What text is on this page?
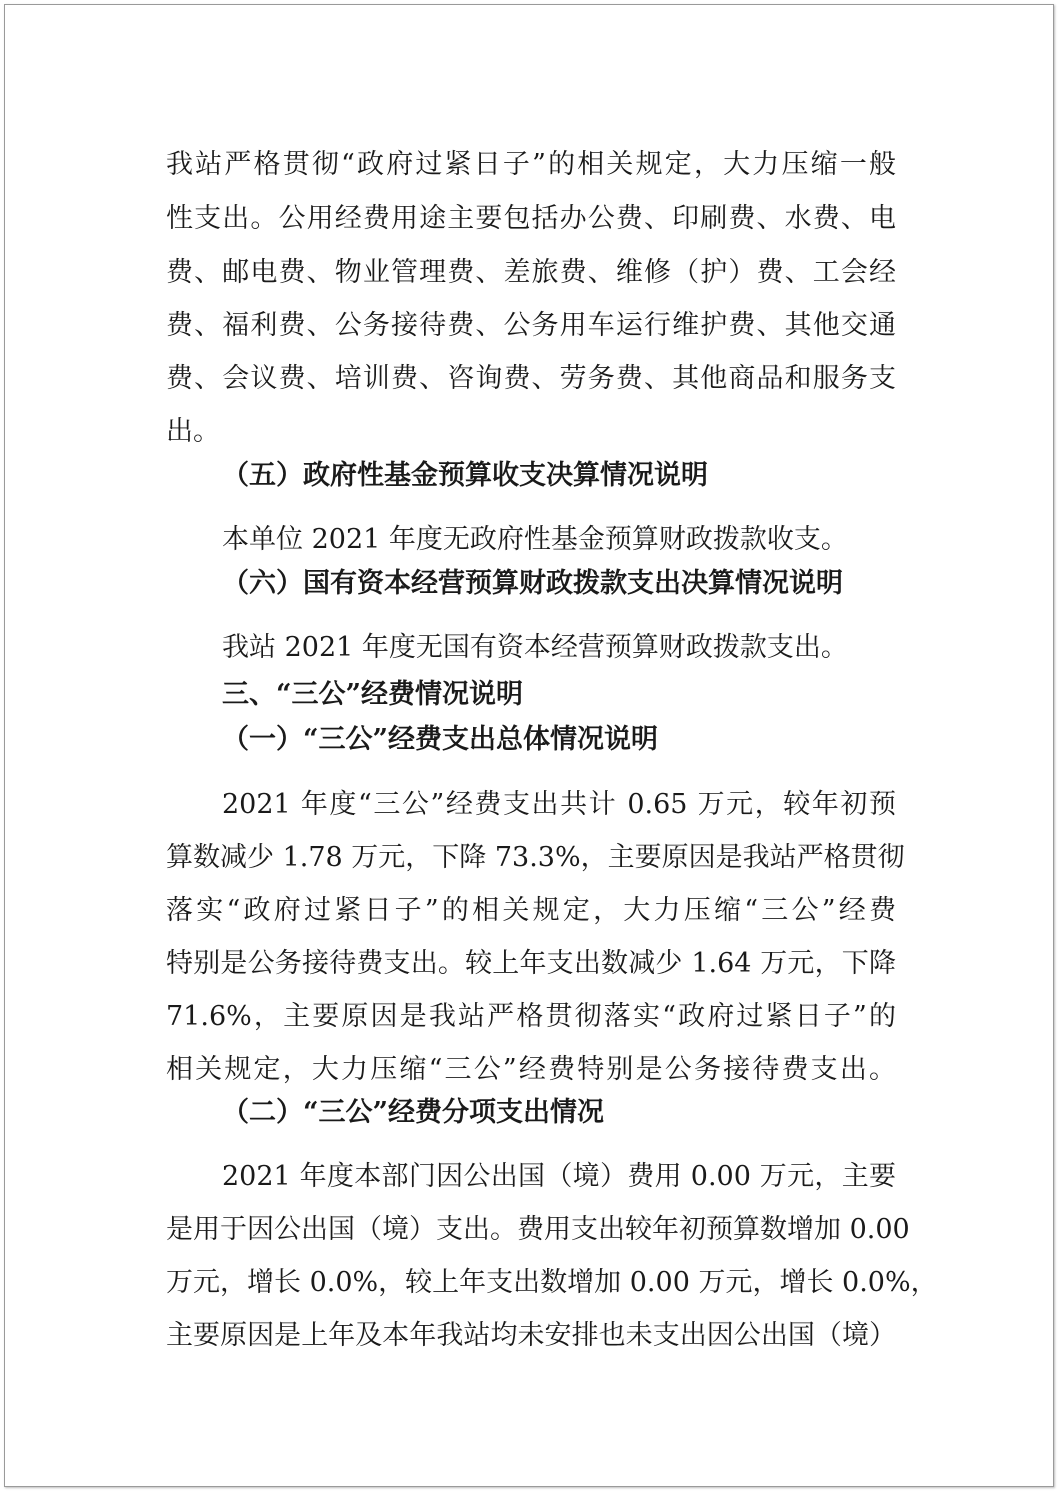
我站严格贯彻“政府过紧日子”的相关规定，大力压缩一般

性支出。公用经费用途主要包括办公费、印刷费、水费、电

费、邮电费、物业管理费、差旅费、维修（护）费、工会经

费、福利费、公务接待费、公务用车运行维护费、其他交通

费、会议费、培训费、咨询费、劳务费、其他商品和服务支

出。

（五）政府性基金预算收支决算情况说明

本单位 2021 年度无政府性基金预算财政拨款收支。

（六）国有资本经营预算财政拨款支出决算情况说明

我站 2021 年度无国有资本经营预算财政拨款支出。

三、“三公”经费情况说明

（一）“三公”经费支出总体情况说明

2021 年度“三公”经费支出共计 0.65 万元，较年初预

算数减少 1.78 万元，下降 73.3%，主要原因是我站严格贯彻

落实“政府过紧日子”的相关规定，大力压缩“三公”经费

特别是公务接待费支出。较上年支出数减少 1.64 万元，下降

71.6%，主要原因是我站严格贯彻落实“政府过紧日子”的

相关规定，大力压缩“三公”经费特别是公务接待费支出。

（二）“三公”经费分项支出情况

2021 年度本部门因公出国（境）费用 0.00 万元，主要

是用于因公出国（境）支出。费用支出较年初预算数增加 0.00

万元，增长 0.0%，较上年支出数增加 0.00 万元，增长 0.0%，

主要原因是上年及本年我站均未安排也未支出因公出国（境）
